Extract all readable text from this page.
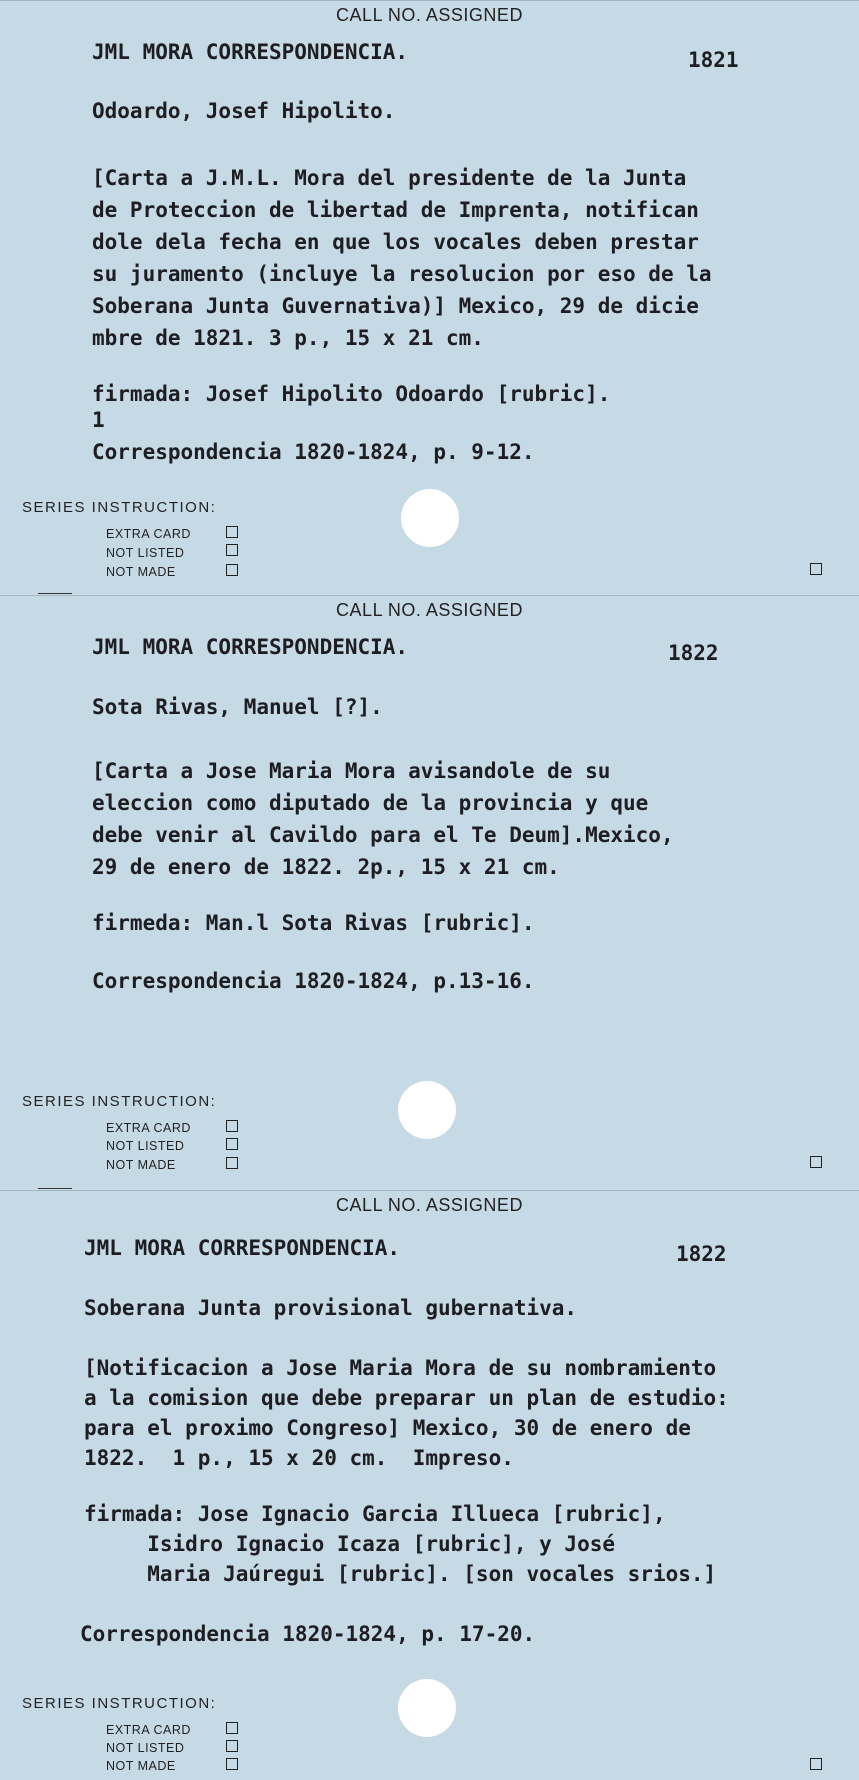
CALL NO. ASSIGNED
JML MORA CORRESPONDENCIA.	1821
Odoardo, Josef Hipolito.
[Carta a J.M.L. Mora del presidente de la Junta
de Proteccion de libertad de Imprenta, notifican
dole dela fecha en que los vocales deben prestar
su juramento (incluye la resolucion por eso de la
Soberana Junta Guvernativa)] Mexico, 29 de dicie
mbre de 1821. 3 p., 15 x 21 cm.
firmada: Josef Hipolito Odoardo [rubric].
1
Correspondencia 1820-1824, p. 9-12.
SERIES INSTRUCTION:
EXTRA CARD
NOT LISTED
NOT MADE
CALL NO. ASSIGNED
JML MORA CORRESPONDENCIA.	1822
Sota Rivas, Manuel [?].
[Carta a Jose Maria Mora avisandole de su
eleccion como diputado de la provincia y que
debe venir al Cavildo para el Te Deum].Mexico,
29 de enero de 1822. 2p., 15 x 21 cm.
firmeda: Man.l Sota Rivas [rubric].
Correspondencia 1820-1824, p.13-16.
SERIES INSTRUCTION:
EXTRA CARD
NOT LISTED
NOT MADE
CALL NO. ASSIGNED
JML MORA CORRESPONDENCIA.	1822
Soberana Junta provisional gubernativa.
[Notificacion a Jose Maria Mora de su nombramiento
a la comision que debe preparar un plan de estudio:
para el proximo Congreso] Mexico, 30 de enero de
1822.  1 p., 15 x 20 cm.  Impreso.
firmada: Jose Ignacio Garcia Illueca [rubric],
Isidro Ignacio Icaza [rubric], y José
Maria Jaúregui [rubric]. [son vocales srios.]
Correspondencia 1820-1824, p. 17-20.
SERIES INSTRUCTION:
EXTRA CARD
NOT LISTED
NOT MADE
